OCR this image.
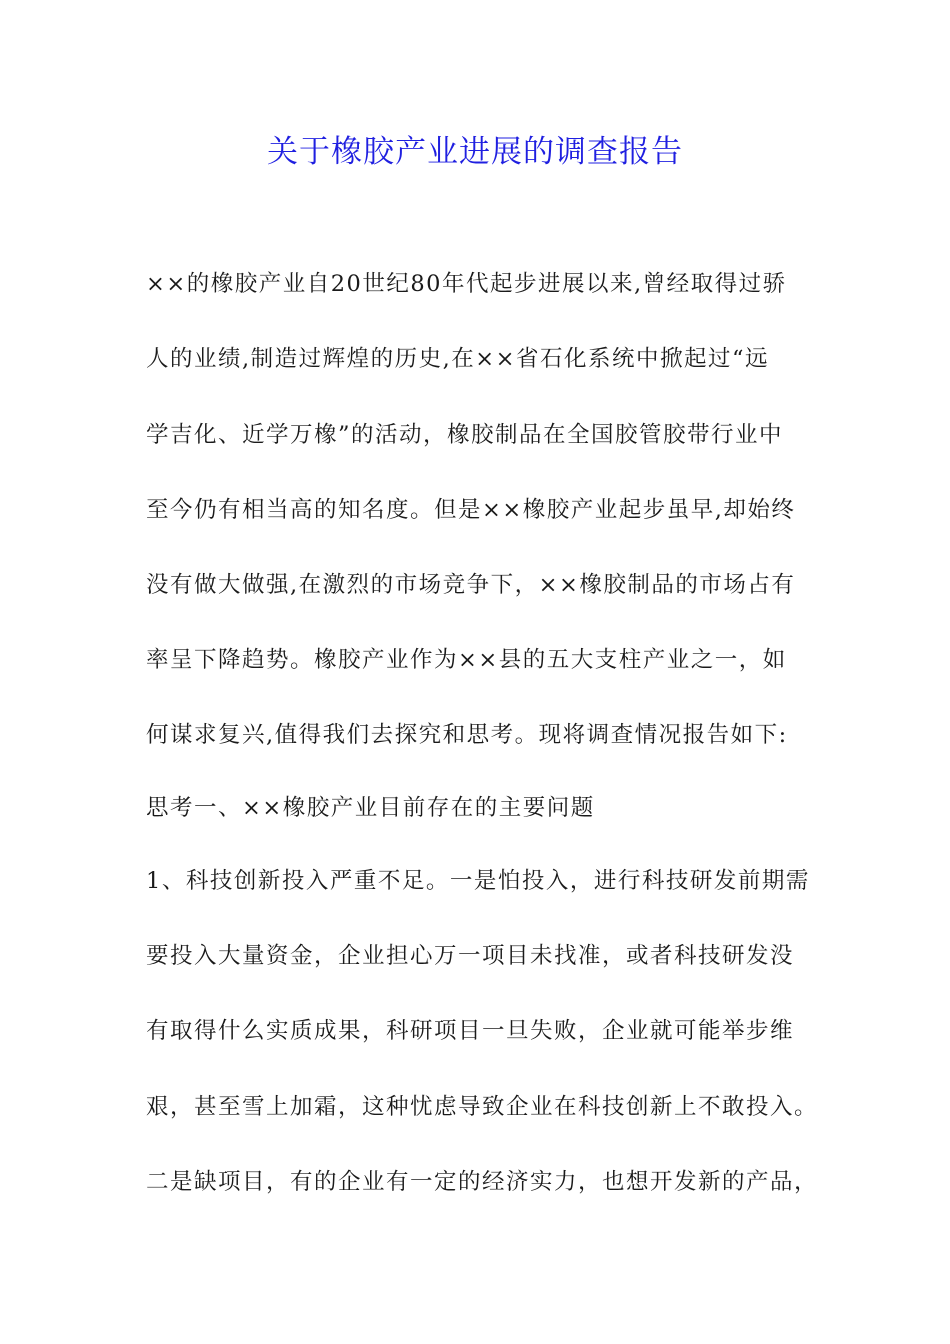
关于橡胶产业进展的调查报告
××的橡胶产业自20世纪80年代起步进展以来,曾经取得过骄
人的业绩,制造过辉煌的历史,在××省石化系统中掀起过“远
学吉化、近学万橡”的活动，橡胶制品在全国胶管胶带行业中
至今仍有相当高的知名度。但是××橡胶产业起步虽早,却始终
没有做大做强,在激烈的市场竞争下，××橡胶制品的市场占有
率呈下降趋势。橡胶产业作为××县的五大支柱产业之一，如
何谋求复兴,值得我们去探究和思考。现将调查情况报告如下:
思考一、××橡胶产业目前存在的主要问题
1、科技创新投入严重不足。一是怕投入，进行科技研发前期需
要投入大量资金，企业担心万一项目未找准，或者科技研发没
有取得什么实质成果，科研项目一旦失败，企业就可能举步维
艰，甚至雪上加霜，这种忧虑导致企业在科技创新上不敢投入。
二是缺项目，有的企业有一定的经济实力，也想开发新的产品，
